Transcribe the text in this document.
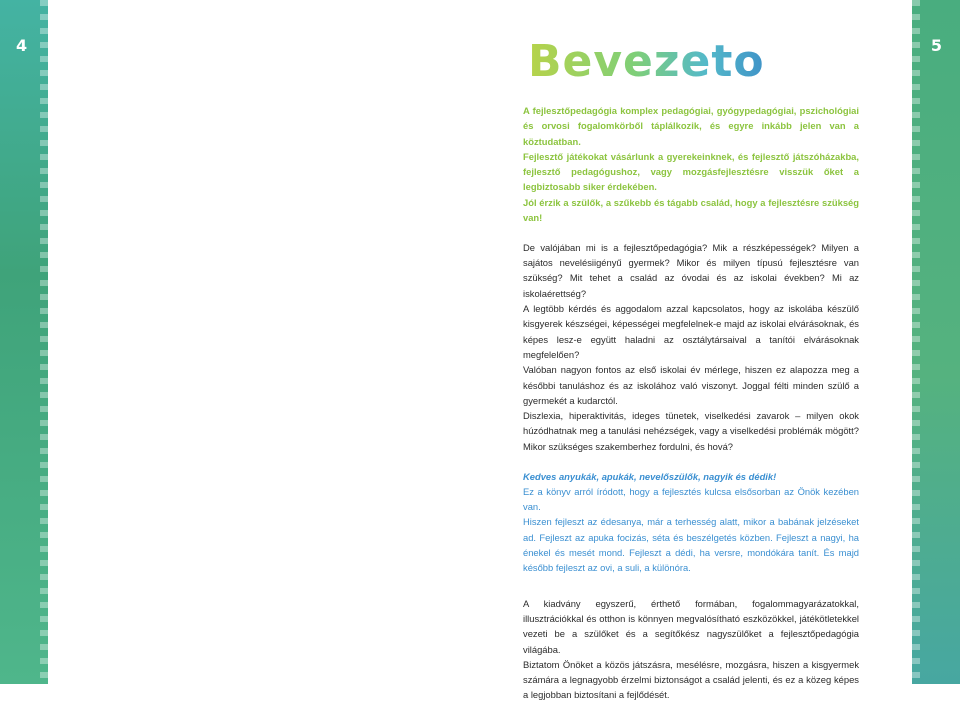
4	5
Bevezeto

A fejlesztőpedagógia komplex pedagógiai, gyógypedagógiai, pszichológiai és orvosi fogalomkörből táplálkozik, és egyre inkább jelen van a köztudatban.

Fejlesztő játékokat vásárlunk a gyerekeinknek, és fejlesztő játszóházakba, fejlesztő pedagógushoz, vagy mozgásfejlesztésre visszük őket a legbiztosabb siker érdekében.

Jól érzik a szülők, a szűkebb és tágabb család, hogy a fejlesztésre szükség van!

De valójában mi is a fejlesztőpedagógia? Mik a részképességek? Milyen a sajátos nevelésiigényű gyermek? Mikor és milyen típusú fejlesztésre van szükség? Mit tehet a család az óvodai és az iskolai években? Mi az iskolaérettség?

A legtöbb kérdés és aggodalom azzal kapcsolatos, hogy az iskolába készülő kisgyerek készségei, képességei megfelelnek-e majd az iskolai elvárásoknak, és képes lesz-e együtt haladni az osztálytársaival a tanítói elvárásoknak megfelelően?

Valóban nagyon fontos az első iskolai év mérlege, hiszen ez alapozza meg a későbbi tanuláshoz és az iskolához való viszonyt. Joggal félti minden szülő a gyermekét a kudarctól.

Diszlexia, hiperaktivitás, ideges tünetek, viselkedési zavarok – milyen okok húzódhatnak meg a tanulási nehézségek, vagy a viselkedési problémák mögött? Mikor szükséges szakemberhez fordulni, és hová?

Kedves anyukák, apukák, nevelőszülők, nagyik és dédik!

Ez a könyv arról íródott, hogy a fejlesztés kulcsa elsősorban az Önök kezében van.

Hiszen fejleszt az édesanya, már a terhesség alatt, mikor a babának jelzéseket ad. Fejleszt az apuka focizás, séta és beszélgetés közben. Fejleszt a nagyi, ha énekel és mesét mond. Fejleszt a dédi, ha versre, mondókára tanít. És majd később fejleszt az ovi, a suli, a különóra.

A kiadvány egyszerű, érthető formában, fogalommagyarázatokkal, illusztrációkkal és otthon is könnyen megvalósítható eszközökkel, játékötletekkel vezeti be a szülőket és a segítőkész nagyszülőket a fejlesztőpedagógia világába.

Biztatom Önöket a közös játszásra, mesélésre, mozgásra, hiszen a kisgyermek számára a legnagyobb érzelmi biztonságot a család jelenti, és ez a közeg képes a legjobban biztosítani a fejlődését.
